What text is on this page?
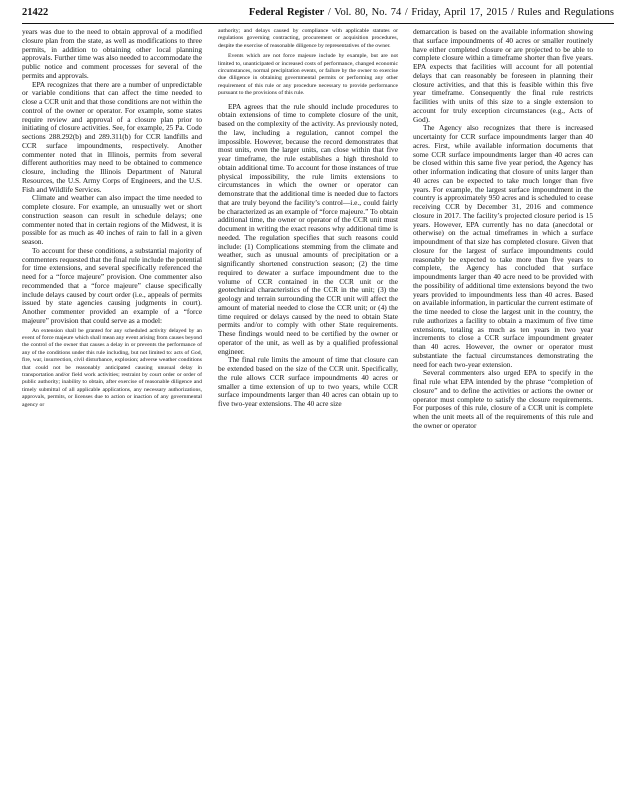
21422	Federal Register / Vol. 80, No. 74 / Friday, April 17, 2015 / Rules and Regulations

years was due to the need to obtain approval of a modified closure plan from the state, as well as modifications to three permits, in addition to obtaining other local planning approvals. Further time was also needed to accommodate the public notice and comment processes for several of the permits and approvals.

EPA recognizes that there are a number of unpredictable or variable conditions that can affect the time needed to close a CCR unit and that those conditions are not within the control of the owner or operator. For example, some states require review and approval of a closure plan prior to initiating of closure activities. See, for example, 25 Pa. Code sections 288.292(b) and 289.311(b) for CCR landfills and CCR surface impoundments, respectively. Another commenter noted that in Illinois, permits from several different authorities may need to be obtained to commence closure, including the Illinois Department of Natural Resources, the U.S. Army Corps of Engineers, and the U.S. Fish and Wildlife Services.

Climate and weather can also impact the time needed to complete closure. For example, an unusually wet or short construction season can result in schedule delays; one commenter noted that in certain regions of the Midwest, it is possible for as much as 40 inches of rain to fall in a given season.

To account for these conditions, a substantial majority of commenters requested that the final rule include the potential for time extensions, and several specifically referenced the need for a “force majeure” provision. One commenter also recommended that a “force majeure” clause specifically include delays caused by court order (i.e., appeals of permits issued by state agencies causing judgments in court). Another commenter provided an example of a “force majeure” provision that could serve as a model:

An extension shall be granted for any scheduled activity delayed by an event of force majeure which shall mean any event arising from causes beyond the control of the owner that causes a delay in or prevents the performance of any of the conditions under this rule including, but not limited to: acts of God, fire, war, insurrection, civil disturbance, explosion; adverse weather conditions that could not be reasonably anticipated causing unusual delay in transportation and/or field work activities; restraint by court order or order of public authority; inability to obtain, after exercise of reasonable diligence and timely submittal of all applicable applications, any necessary authorizations, approvals, permits, or licenses due to action or inaction of any governmental agency or

authority; and delays caused by compliance with applicable statutes or regulations governing contracting, procurement or acquisition procedures, despite the exercise of reasonable diligence by representatives of the owner.

Events which are not force majeure include by example, but are not limited to, unanticipated or increased costs of performance, changed economic circumstances, normal precipitation events, or failure by the owner to exercise due diligence in obtaining governmental permits or performing any other requirement of this rule or any procedure necessary to provide performance pursuant to the provisions of this rule.

EPA agrees that the rule should include procedures to obtain extensions of time to complete closure of the unit, based on the complexity of the activity. As previously noted, the law, including a regulation, cannot compel the impossible. However, because the record demonstrates that most units, even the larger units, can close within that five year timeframe, the rule establishes a high threshold to obtain additional time. To account for those instances of true physical impossibility, the rule limits extensions to circumstances in which the owner or operator can demonstrate that the additional time is needed due to factors that are truly beyond the facility’s control—i.e., could fairly be characterized as an example of “force majeure.” To obtain additional time, the owner or operator of the CCR unit must document in writing the exact reasons why additional time is needed. The regulation specifies that such reasons could include: (1) Complications stemming from the climate and weather, such as unusual amounts of precipitation or a significantly shortened construction season; (2) the time required to dewater a surface impoundment due to the volume of CCR contained in the CCR unit or the geotechnical characteristics of the CCR in the unit; (3) the geology and terrain surrounding the CCR unit will affect the amount of material needed to close the CCR unit; or (4) the time required or delays caused by the need to obtain State permits and/or to comply with other State requirements. These findings would need to be certified by the owner or operator of the unit, as well as by a qualified professional engineer.

The final rule limits the amount of time that closure can be extended based on the size of the CCR unit. Specifically, the rule allows CCR surface impoundments 40 acres or smaller a time extension of up to two years, while CCR surface impoundments larger than 40 acres can obtain up to five two-year extensions. The 40 acre size

demarcation is based on the available information showing that surface impoundments of 40 acres or smaller routinely have either completed closure or are projected to be able to complete closure within a timeframe shorter than five years. EPA expects that facilities will account for all potential delays that can reasonably be foreseen in planning their closure activities, and that this is feasible within this five year timeframe. Consequently the final rule restricts facilities with units of this size to a single extension to account for truly exception circumstances (e.g., Acts of God).

The Agency also recognizes that there is increased uncertainty for CCR surface impoundments larger than 40 acres. First, while available information documents that some CCR surface impoundments larger than 40 acres can be closed within this same five year period, the Agency has other information indicating that closure of units larger than 40 acres can be expected to take much longer than five years. For example, the largest surface impoundment in the country is approximately 950 acres and is scheduled to cease receiving CCR by December 31, 2016 and commence closure in 2017. The facility’s projected closure period is 15 years. However, EPA currently has no data (anecdotal or otherwise) on the actual timeframes in which a surface impoundment of that size has completed closure. Given that closure for the largest of surface impoundments could reasonably be expected to take more than five years to complete, the Agency has concluded that surface impoundments larger than 40 acre need to be provided with the possibility of additional time extensions beyond the two years provided to impoundments less than 40 acres. Based on available information, in particular the current estimate of the time needed to close the largest unit in the country, the rule authorizes a facility to obtain a maximum of five time extensions, totaling as much as ten years in two year increments to close a CCR surface impoundment greater than 40 acres. However, the owner or operator must substantiate the factual circumstances demonstrating the need for each two-year extension.

Several commenters also urged EPA to specify in the final rule what EPA intended by the phrase “completion of closure” and to define the activities or actions the owner or operator must complete to satisfy the closure requirements. For purposes of this rule, closure of a CCR unit is complete when the unit meets all of the requirements of this rule and the owner or operator
